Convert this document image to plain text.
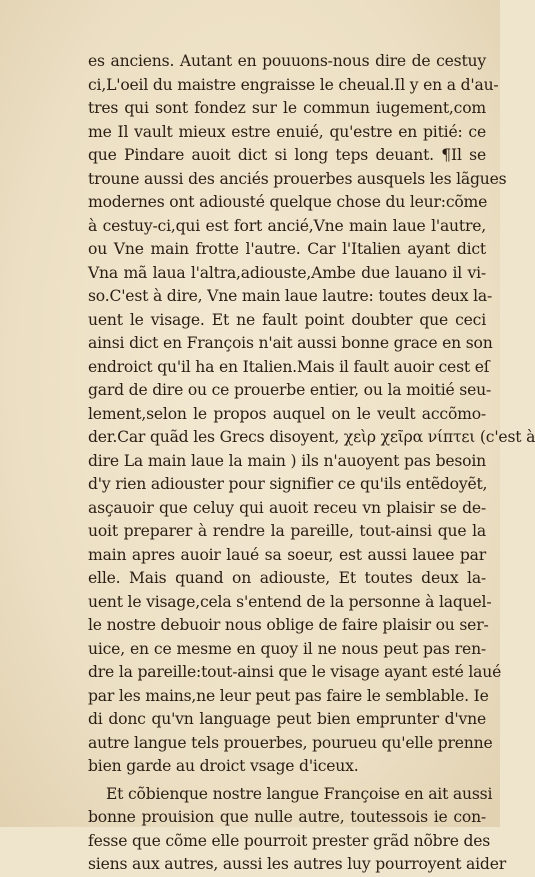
es anciens. Autant en pouuons-nous dire de cestuy
ci,L'oeil du maistre engraisse le cheual.Il y en a d'au-
tres qui sont fondez sur le commun iugement,com
me Il vault mieux estre enuié, qu'estre en pitié: ce
que Pindare auoit dict si long teps deuant. ¶Il se
troune aussi des anciés prouerbes ausquels les lãgues
modernes ont adiousté quelque chose du leur:cõme
à cestuy-ci,qui est fort ancié,Vne main laue l'autre,
ou Vne main frotte l'autre. Car l'Italien ayant dict
Vna mã laua l'altra,adiouste,Ambe due lauano il vi-
so.C'est à dire, Vne main laue lautre: toutes deux la-
uent le visage. Et ne fault point doubter que ceci
ainsi dict en François n'ait aussi bonne grace en son
endroict qu'il ha en Italien.Mais il fault auoir cest eſ
gard de dire ou ce prouerbe entier, ou la moitié seu-
lement,selon le propos auquel on le veult accõmo-
der.Car quãd les Grecs disoyent, χεὶρ χεῖρα νίπτει (c'est à
dire La main laue la main ) ils n'auoyent pas besoin
d'y rien adiouster pour signifier ce qu'ils entẽdoyẽt,
asçauoir que celuy qui auoit receu vn plaisir se de-
uoit preparer à rendre la pareille, tout-ainsi que la
main apres auoir laué sa soeur, est aussi lauee par
elle. Mais quand on adiouste, Et toutes deux la-
uent le visage,cela s'entend de la personne à laquel-
le nostre debuoir nous oblige de faire plaisir ou ser-
uice, en ce mesme en quoy il ne nous peut pas ren-
dre la pareille:tout-ainsi que le visage ayant esté laué
par les mains,ne leur peut pas faire le semblable. Ie
di donc qu'vn language peut bien emprunter d'vne
autre langue tels prouerbes, pourueu qu'elle prenne
bien garde au droict vsage d'iceux.
Et cõbienque nostre langue Françoise en ait aussi
bonne prouision que nulle autre, toutessois ie con-
fesse que cõme elle pourroit prester grãd nõbre des
siens aux autres, aussi les autres luy pourroyent aider
